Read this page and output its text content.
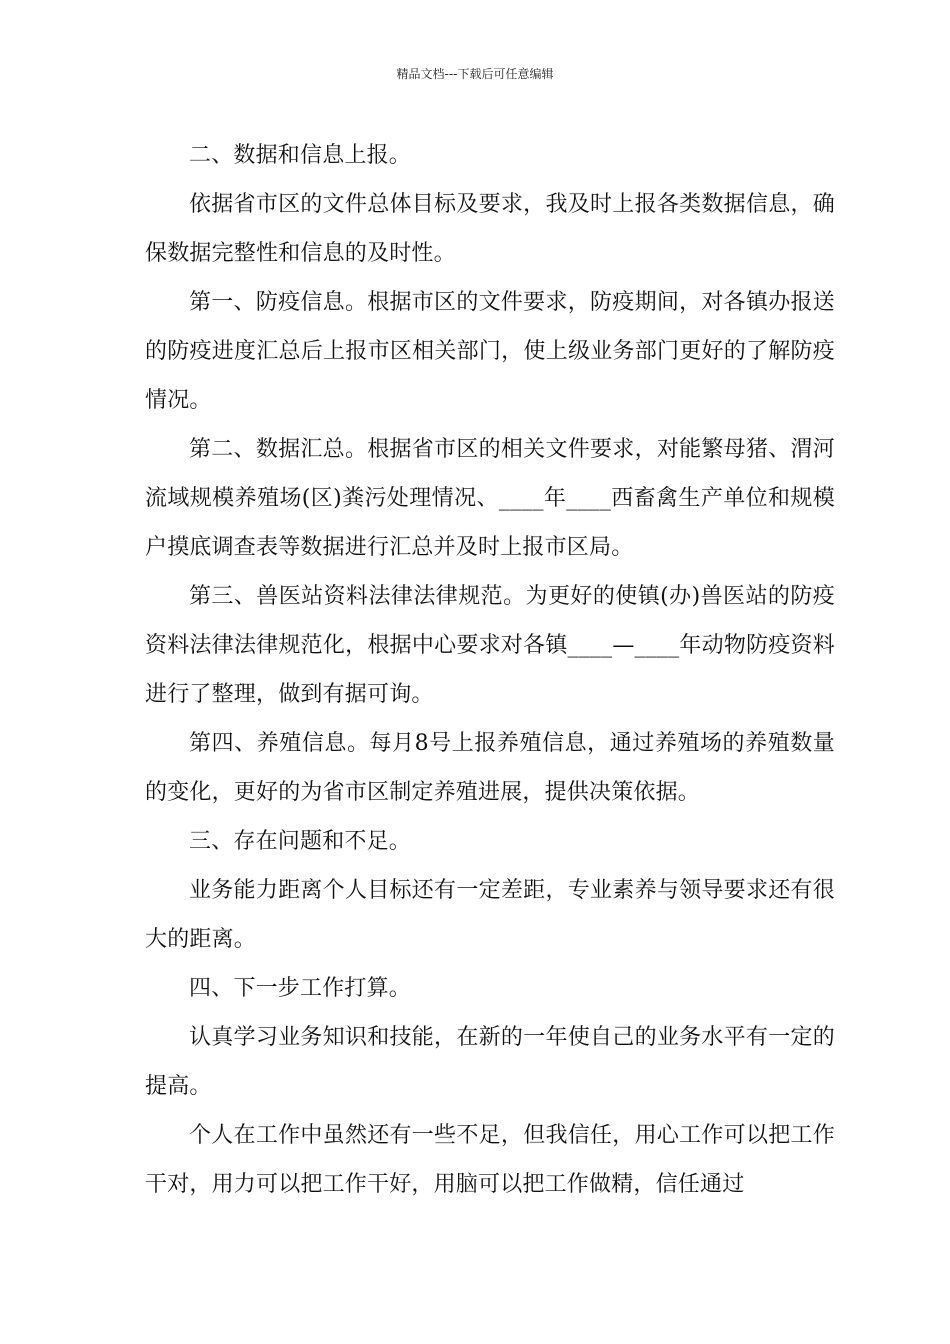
精品文档---下载后可任意编辑

二、数据和信息上报。

依据省市区的文件总体目标及要求，我及时上报各类数据信息，确保数据完整性和信息的及时性。

第一、防疫信息。根据市区的文件要求，防疫期间，对各镇办报送的防疫进度汇总后上报市区相关部门，使上级业务部门更好的了解防疫情况。

第二、数据汇总。根据省市区的相关文件要求，对能繁母猪、渭河流域规模养殖场(区)粪污处理情况、____年____西畜禽生产单位和规模户摸底调查表等数据进行汇总并及时上报市区局。

第三、兽医站资料法律法律规范。为更好的使镇(办)兽医站的防疫资料法律法律规范化，根据中心要求对各镇____—____年动物防疫资料进行了整理，做到有据可询。

第四、养殖信息。每月8号上报养殖信息，通过养殖场的养殖数量的变化，更好的为省市区制定养殖进展，提供决策依据。

三、存在问题和不足。

业务能力距离个人目标还有一定差距，专业素养与领导要求还有很大的距离。

四、下一步工作打算。

认真学习业务知识和技能，在新的一年使自己的业务水平有一定的提高。

个人在工作中虽然还有一些不足，但我信任，用心工作可以把工作干对，用力可以把工作干好，用脑可以把工作做精，信任通过
